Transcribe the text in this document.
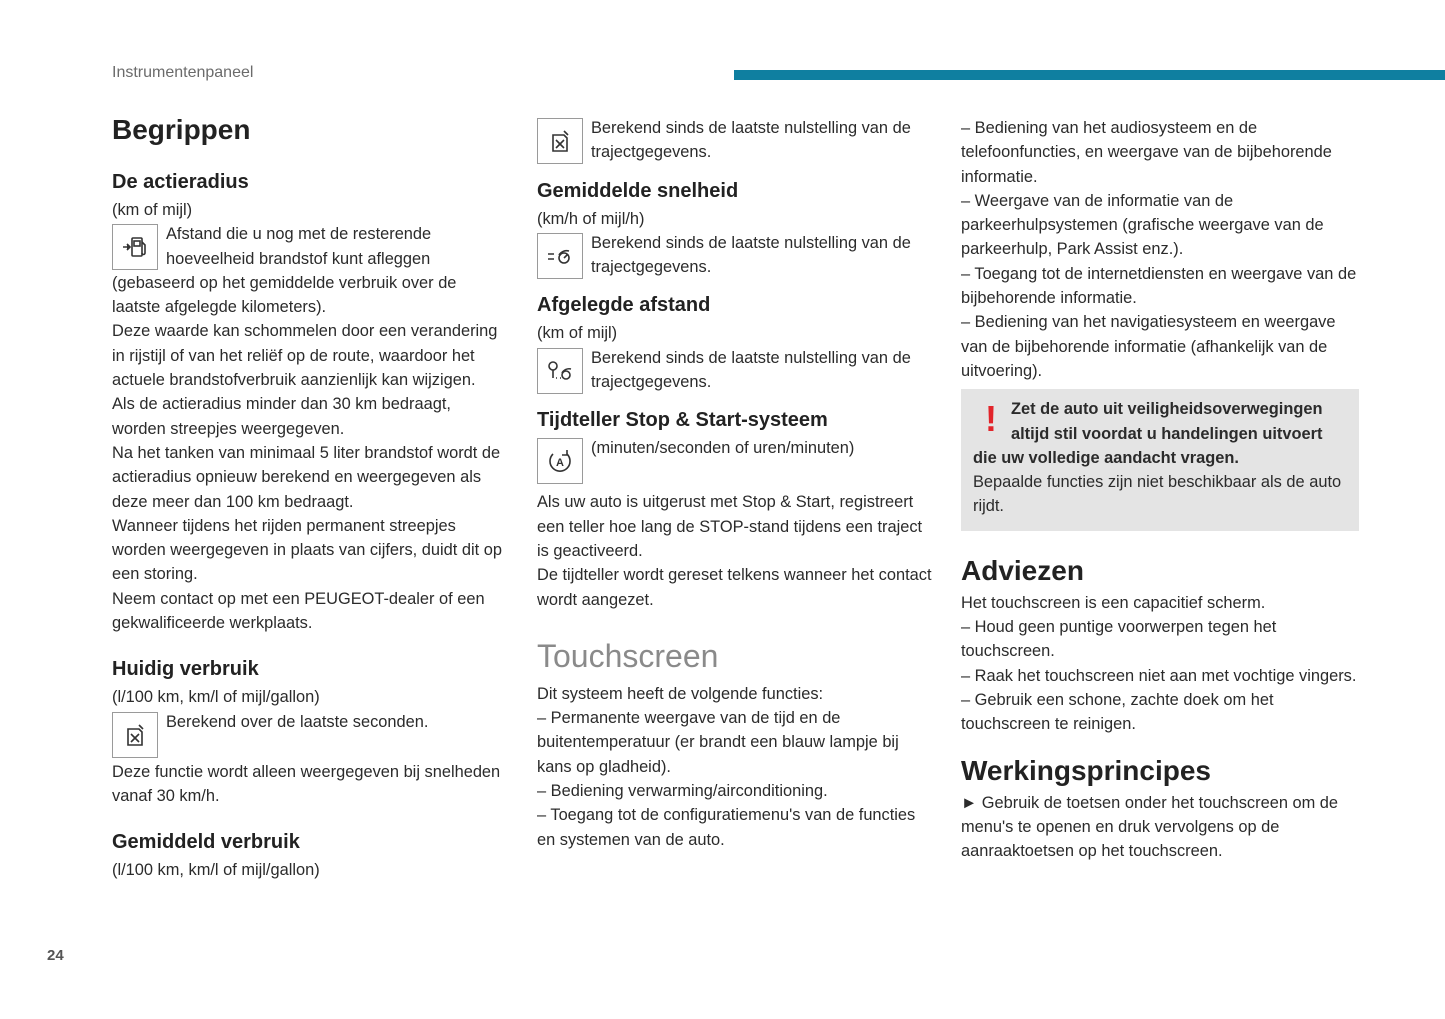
Instrumentenpaneel
24
Begrippen
De actieradius

(km of mijl)

Afstand die u nog met de resterende hoeveelheid brandstof kunt afleggen

(gebaseerd op het gemiddelde verbruik over de laatste afgelegde kilometers).

Deze waarde kan schommelen door een verandering in rijstijl of van het reliëf op de route, waardoor het actuele brandstofverbruik aanzienlijk kan wijzigen.

Als de actieradius minder dan 30 km bedraagt, worden streepjes weergegeven.

Na het tanken van minimaal 5 liter brandstof wordt de actieradius opnieuw berekend en weergegeven als deze meer dan 100 km bedraagt.

Wanneer tijdens het rijden permanent streepjes worden weergegeven in plaats van cijfers, duidt dit op een storing.

Neem contact op met een PEUGEOT-dealer of een gekwalificeerde werkplaats.

Huidig verbruik

(l/100 km, km/l of mijl/gallon)

Berekend over de laatste seconden.

Deze functie wordt alleen weergegeven bij snelheden vanaf 30 km/h.

Gemiddeld verbruik

(l/100 km, km/l of mijl/gallon)

Berekend sinds de laatste nulstelling van de trajectgegevens.

Gemiddelde snelheid

(km/h of mijl/h)

Berekend sinds de laatste nulstelling van de trajectgegevens.

Afgelegde afstand

(km of mijl)

Berekend sinds de laatste nulstelling van de trajectgegevens.

Tijdteller Stop & Start-systeem
A

(minuten/seconden of uren/minuten)

Als uw auto is uitgerust met Stop & Start, registreert een teller hoe lang de STOP-stand tijdens een traject is geactiveerd.

De tijdteller wordt gereset telkens wanneer het contact wordt aangezet.

Touchscreen

Dit systeem heeft de volgende functies:

– Permanente weergave van de tijd en de buitentemperatuur (er brandt een blauw lampje bij kans op gladheid).

– Bediening verwarming/airconditioning.

– Toegang tot de configuratiemenu's van de functies en systemen van de auto.

– Bediening van het audiosysteem en de telefoonfuncties, en weergave van de bijbehorende informatie.

– Weergave van de informatie van de parkeerhulpsystemen (grafische weergave van de parkeerhulp, Park Assist enz.).

– Toegang tot de internetdiensten en weergave van de bijbehorende informatie.

– Bediening van het navigatiesysteem en weergave van de bijbehorende informatie (afhankelijk van de uitvoering).

! Zet de auto uit veiligheidsoverwegingen altijd stil voordat u handelingen uitvoert die uw volledige aandacht vragen.

Bepaalde functies zijn niet beschikbaar als de auto rijdt.

Adviezen

Het touchscreen is een capacitief scherm.

– Houd geen puntige voorwerpen tegen het touchscreen.

– Raak het touchscreen niet aan met vochtige vingers.

– Gebruik een schone, zachte doek om het touchscreen te reinigen.

Werkingsprincipes

► Gebruik de toetsen onder het touchscreen om de menu's te openen en druk vervolgens op de aanraaktoetsen op het touchscreen.
